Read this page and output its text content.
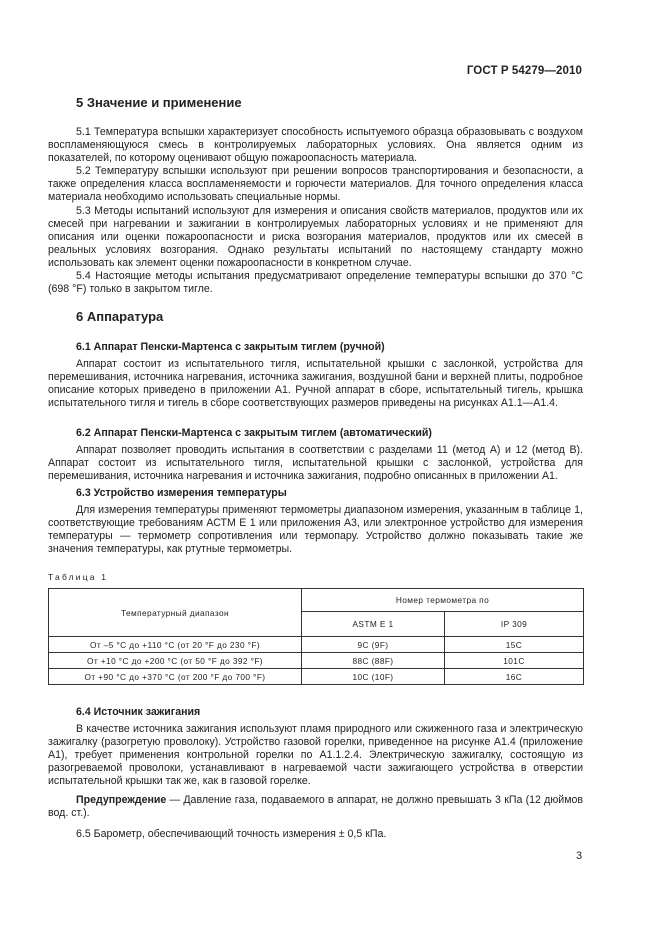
ГОСТ Р 54279—2010
5 Значение и применение

5.1 Температура вспышки характеризует способность испытуемого образца образовывать с воздухом воспламеняющуюся смесь в контролируемых лабораторных условиях. Она является одним из показателей, по которому оценивают общую пожароопасность материала.

5.2 Температуру вспышки используют при решении вопросов транспортирования и безопасности, а также определения класса воспламеняемости и горючести материалов. Для точного определения класса материала необходимо использовать специальные нормы.

5.3 Методы испытаний используют для измерения и описания свойств материалов, продуктов или их смесей при нагревании и зажигании в контролируемых лабораторных условиях и не применяют для описания или оценки пожароопасности и риска возгорания материалов, продуктов или их смесей в реальных условиях возгорания. Однако результаты испытаний по настоящему стандарту можно использовать как элемент оценки пожароопасности в конкретном случае.

5.4 Настоящие методы испытания предусматривают определение температуры вспышки до 370 °C (698 °F) только в закрытом тигле.

6 Аппаратура
6.1 Аппарат Пенски-Мартенса с закрытым тиглем (ручной)

Аппарат состоит из испытательного тигля, испытательной крышки с заслонкой, устройства для перемешивания, источника нагревания, источника зажигания, воздушной бани и верхней плиты, подробное описание которых приведено в приложении А1. Ручной аппарат в сборе, испытательный тигель, крышка испытательного тигля и тигель в сборе соответствующих размеров приведены на рисунках А1.1—А1.4.

6.2 Аппарат Пенски-Мартенса с закрытым тиглем (автоматический)

Аппарат позволяет проводить испытания в соответствии с разделами 11 (метод А) и 12 (метод В). Аппарат состоит из испытательного тигля, испытательной крышки с заслонкой, устройства для перемешивания, источника нагревания и источника зажигания, подробно описанных в приложении А1.

6.3 Устройство измерения температуры

Для измерения температуры применяют термометры диапазоном измерения, указанным в таблице 1, соответствующие требованиям АСТМ Е 1 или приложения А3, или электронное устройство для измерения температуры — термометр сопротивления или термопару. Устройство должно показывать такие же значения температуры, как ртутные термометры.

Таблица 1
Температурный диапазон	Номер термометра по	
	ASTM E 1	IP 309
От –5 °C до +110 °C (от 20 °F до 230 °F)	9C (9F)	15C
От +10 °C до +200 °C (от 50 °F до 392 °F)	88C (88F)	101C
От +90 °C до +370 °C (от 200 °F до 700 °F)	10C (10F)	16C
6.4 Источник зажигания

В качестве источника зажигания используют пламя природного или сжиженного газа и электрическую зажигалку (разогретую проволоку). Устройство газовой горелки, приведенное на рисунке А1.4 (приложение А1), требует применения контрольной горелки по А1.1.2.4. Электрическую зажигалку, состоящую из разогреваемой проволоки, устанавливают в нагреваемой части зажигающего устройства в отверстии испытательной крышки так же, как в газовой горелке.

Предупреждение — Давление газа, подаваемого в аппарат, не должно превышать 3 кПа (12 дюймов вод. ст.).

6.5 Барометр, обеспечивающий точность измерения ± 0,5 кПа.

3
